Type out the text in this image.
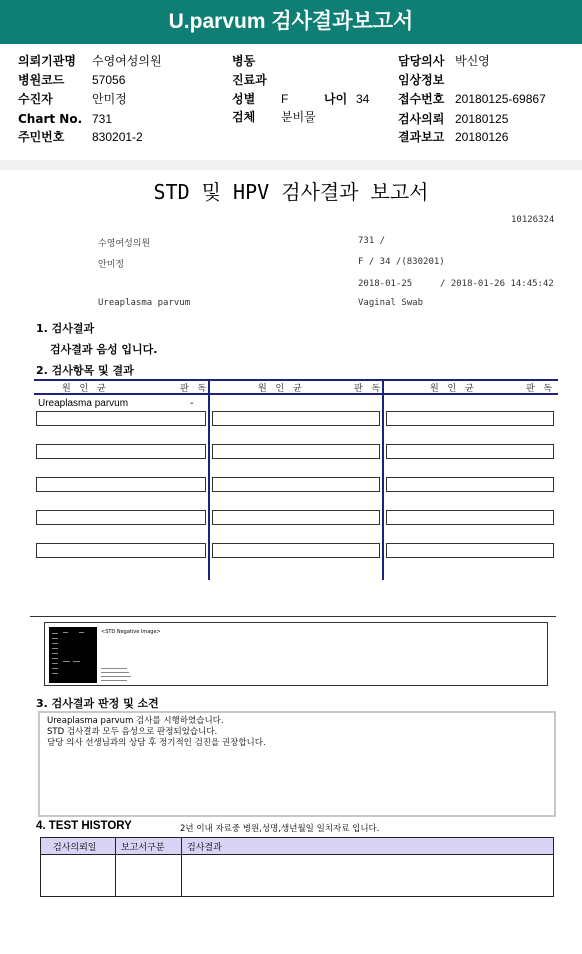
U.parvum 검사결과보고서
의뢰기관명 수영여성의원
병원코드 57056
수진자	안미정
Chart No. 731
주민번호 830201-2
병동
진료과
성별 F	나이 34
검체 분비물
담당의사 박신영
임상정보
접수번호 20180125-69867
검사의뢰 20180125
결과보고 20180126
STD 및 HPV 검사결과 보고서
10126324
수영여성의원	731 /
안미정	F / 34 /(830201)
2018-01-25	/ 2018-01-26 14:45:42
Ureaplasma parvum	Vaginal Swab
1. 검사결과
검사결과 음성 입니다.
2. 검사항목 및 결과
원 인 균	판 독	원 인 균	판 독	원 인 균	판 독
Ureaplasma parvum	-
<STD Negative Image>
3. 검사결과 판정 및 소견
Ureaplasma parvum 검사를 시행하였습니다.
STD 검사결과 모두 음성으로 판정되었습니다.
담당 의사 선생님과의 상담 후 정기적인 검진을 권장합니다.
4. TEST HISTORY	2년 이내 자료중 병원,성명,생년월일 일치자료 입니다.
검사의뢰일	보고서구분	검사결과
